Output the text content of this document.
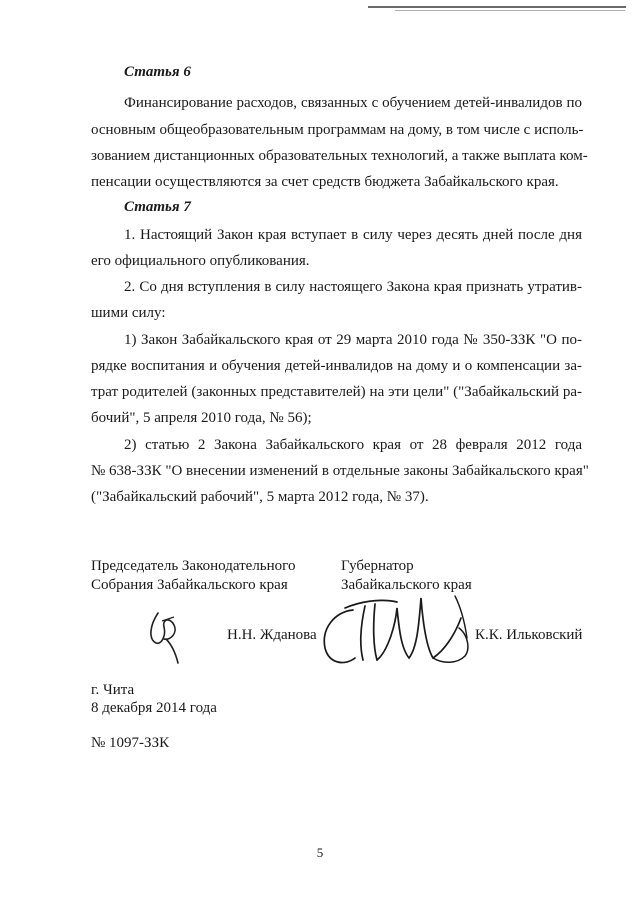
Статья 6
Финансирование расходов, связанных с обучением детей-инвалидов по
основным общеобразовательным программам на дому, в том числе с исполь-
зованием дистанционных образовательных технологий, а также выплата ком-
пенсации осуществляются за счет средств бюджета Забайкальского края.
Статья 7
1. Настоящий Закон края вступает в силу через десять дней после дня
его официального опубликования.
2. Со дня вступления в силу настоящего Закона края признать утратив-
шими силу:
1) Закон Забайкальского края от 29 марта 2010 года № 350-ЗЗК "О по-
рядке воспитания и обучения детей-инвалидов на дому и о компенсации за-
трат родителей (законных представителей) на эти цели" ("Забайкальский ра-
бочий", 5 апреля 2010 года, № 56);
2) статью 2 Закона Забайкальского края от 28 февраля 2012 года
№ 638-ЗЗК "О внесении изменений в отдельные законы Забайкальского края"
("Забайкальский рабочий", 5 марта 2012 года, № 37).
Председатель Законодательного
Собрания Забайкальского края
Губернатор
Забайкальского края
Н.Н. Жданова	К.К. Ильковский
г. Чита
8 декабря 2014 года
№ 1097-ЗЗК
5
